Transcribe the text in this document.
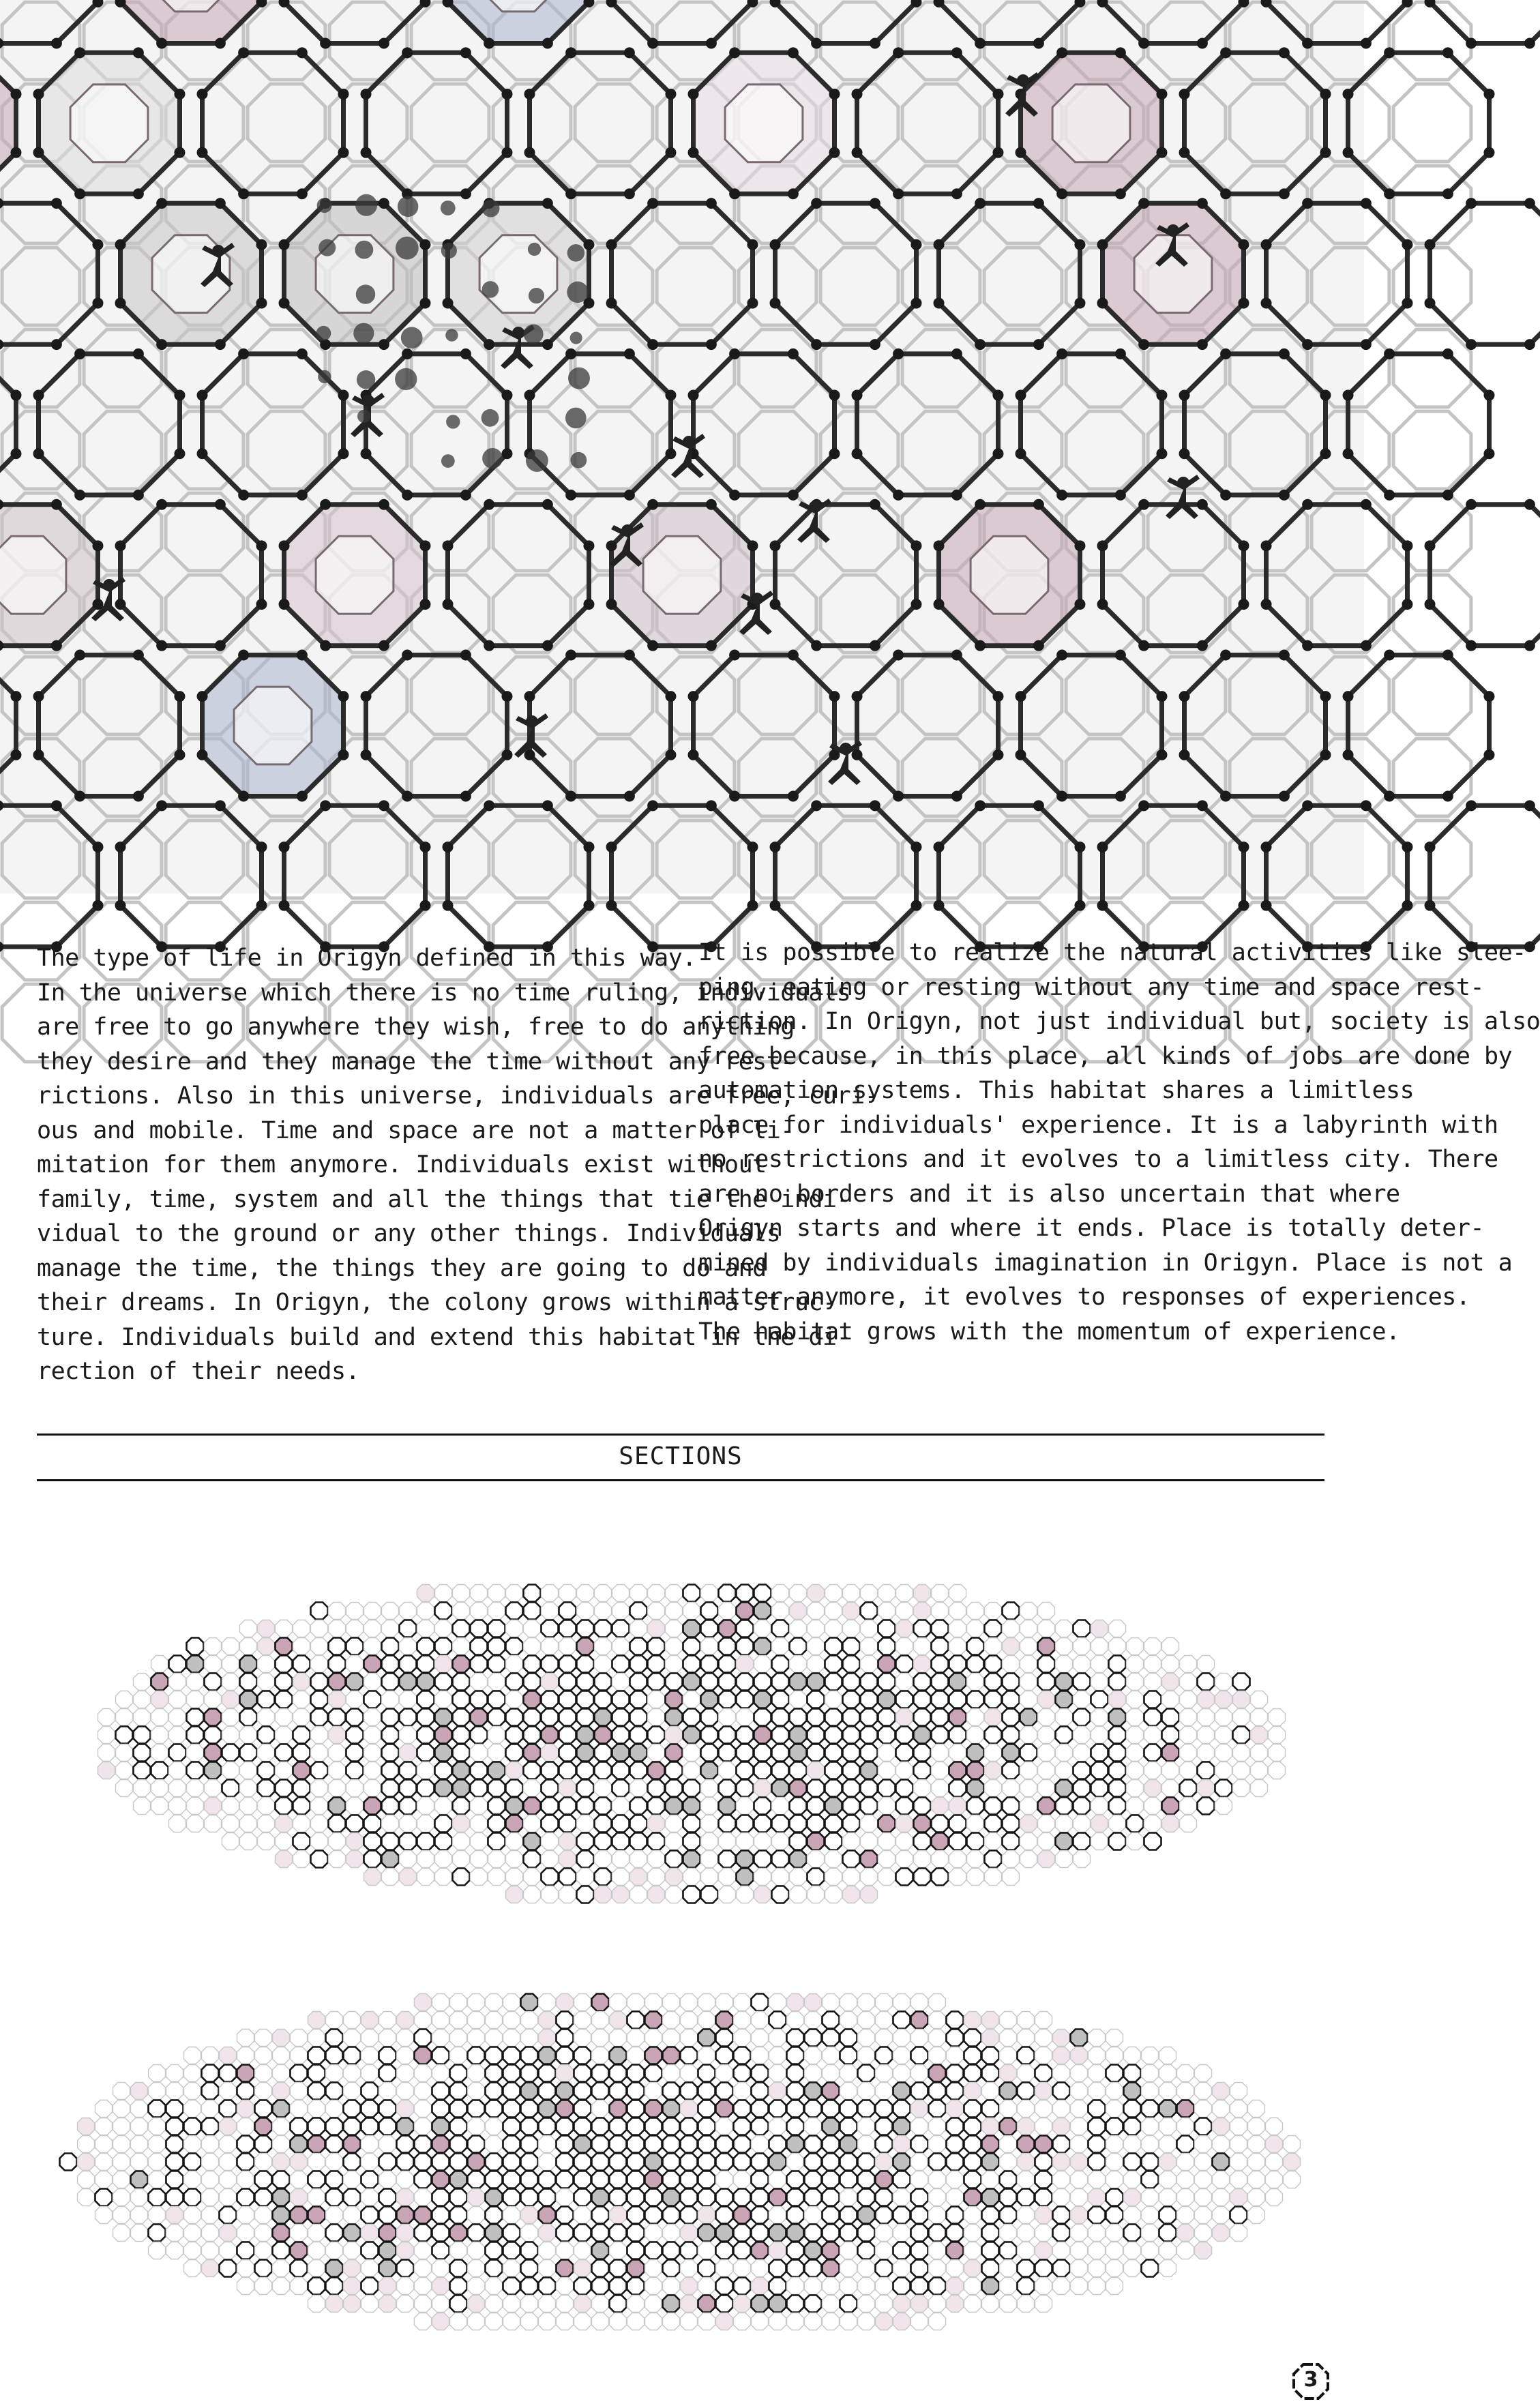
The type of life in Origyn defined in this way.
In the universe which there is no time ruling, individuals
are free to go anywhere they wish, free to do anything
they desire and they manage the time without any rest-
rictions. Also in this universe, individuals are free, curi-
ous and mobile. Time and space are not a matter of li-
mitation for them anymore. Individuals exist without
family, time, system and all the things that tie the indi-
vidual to the ground or any other things. Individuals
manage the time, the things they are going to do and
their dreams. In Origyn, the colony grows within a struc-
ture. Individuals build and extend this habitat in the di-
rection of their needs.
It is possible to realize the natural activities like slee-
ping, eating or resting without any time and space rest-
riction. In Origyn, not just individual but, society is also
free because, in this place, all kinds of jobs are done by
automation systems. This habitat shares a limitless
place for individuals' experience. It is a labyrinth with
no restrictions and it evolves to a limitless city. There
are no borders and it is also uncertain that where
Origyn starts and where it ends. Place is totally deter-
mined by individuals imagination in Origyn. Place is not a
matter anymore, it evolves to responses of experiences.
The habitat grows with the momentum of experience.
SECTIONS
3
